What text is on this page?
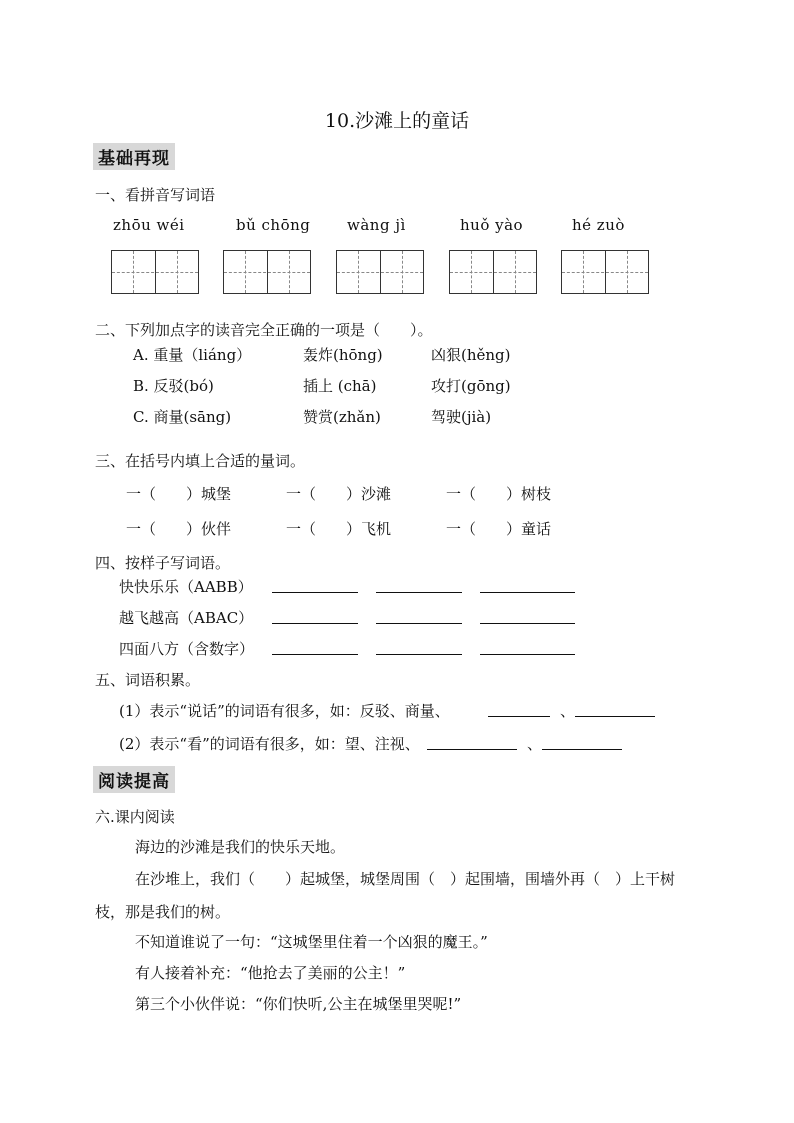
10.沙滩上的童话
基础再现
一、看拼音写词语
zhōu wéi	bǔ chōng wàng jì	huǒ yào	hé zuò
二、下列加点字的读音完全正确的一项是（　　）。
A. 重量（liáng）	轰炸(hōng)	凶狠(hěng)
B. 反驳(bó)	插上 (chā)	攻打(gōng)
C. 商量(sāng)	赞赏(zhǎn)	驾驶(jià)
三、在括号内填上合适的量词。
一（　　）城堡	一（　　）沙滩	一（　　）树枝
一（　　）伙伴	一（　　）飞机	一（　　）童话
四、按样子写词语。
快快乐乐（AABB）
越飞越高（ABAC）
四面八方（含数字）
五、词语积累。
(1）表示“说话”的词语有很多，如：反驳、商量、	、
(2）表示“看”的词语有很多，如：望、注视、	、
阅读提高
六.课内阅读
海边的沙滩是我们的快乐天地。
在沙堆上，我们（　　）起城堡，城堡周围（　）起围墙，围墙外再（　）上干树
枝，那是我们的树。
不知道谁说了一句：“这城堡里住着一个凶狠的魔王。”
有人接着补充：“他抢去了美丽的公主！”
第三个小伙伴说：“你们快听,公主在城堡里哭呢!”
